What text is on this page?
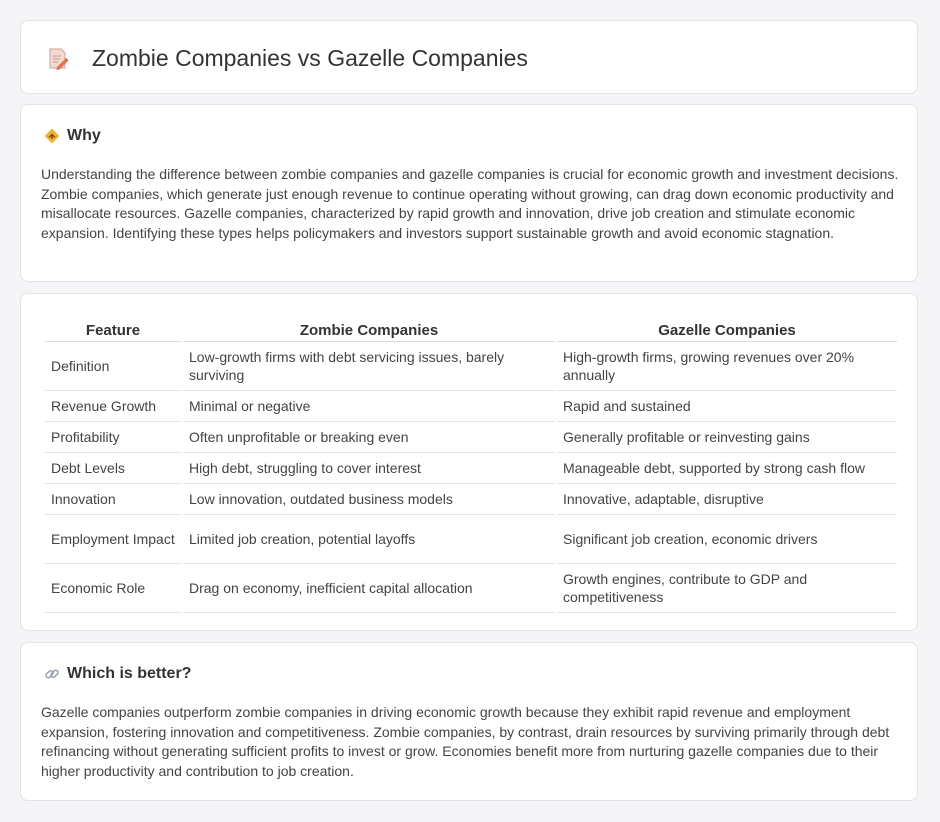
Zombie Companies vs Gazelle Companies
Why

Understanding the difference between zombie companies and gazelle companies is crucial for economic growth and investment decisions. Zombie companies, which generate just enough revenue to continue operating without growing, can drag down economic productivity and misallocate resources. Gazelle companies, characterized by rapid growth and innovation, drive job creation and stimulate economic expansion. Identifying these types helps policymakers and investors support sustainable growth and avoid economic stagnation.

Feature	Zombie Companies	Gazelle Companies
Definition	Low-growth firms with debt servicing issues, barely surviving	High-growth firms, growing revenues over 20% annually
Revenue Growth	Minimal or negative	Rapid and sustained
Profitability	Often unprofitable or breaking even	Generally profitable or reinvesting gains
Debt Levels	High debt, struggling to cover interest	Manageable debt, supported by strong cash flow
Innovation	Low innovation, outdated business models	Innovative, adaptable, disruptive
Employment Impact	Limited job creation, potential layoffs	Significant job creation, economic drivers
Economic Role	Drag on economy, inefficient capital allocation	Growth engines, contribute to GDP and competitiveness
Which is better?

Gazelle companies outperform zombie companies in driving economic growth because they exhibit rapid revenue and employment expansion, fostering innovation and competitiveness. Zombie companies, by contrast, drain resources by surviving primarily through debt refinancing without generating sufficient profits to invest or grow. Economies benefit more from nurturing gazelle companies due to their higher productivity and contribution to job creation.
